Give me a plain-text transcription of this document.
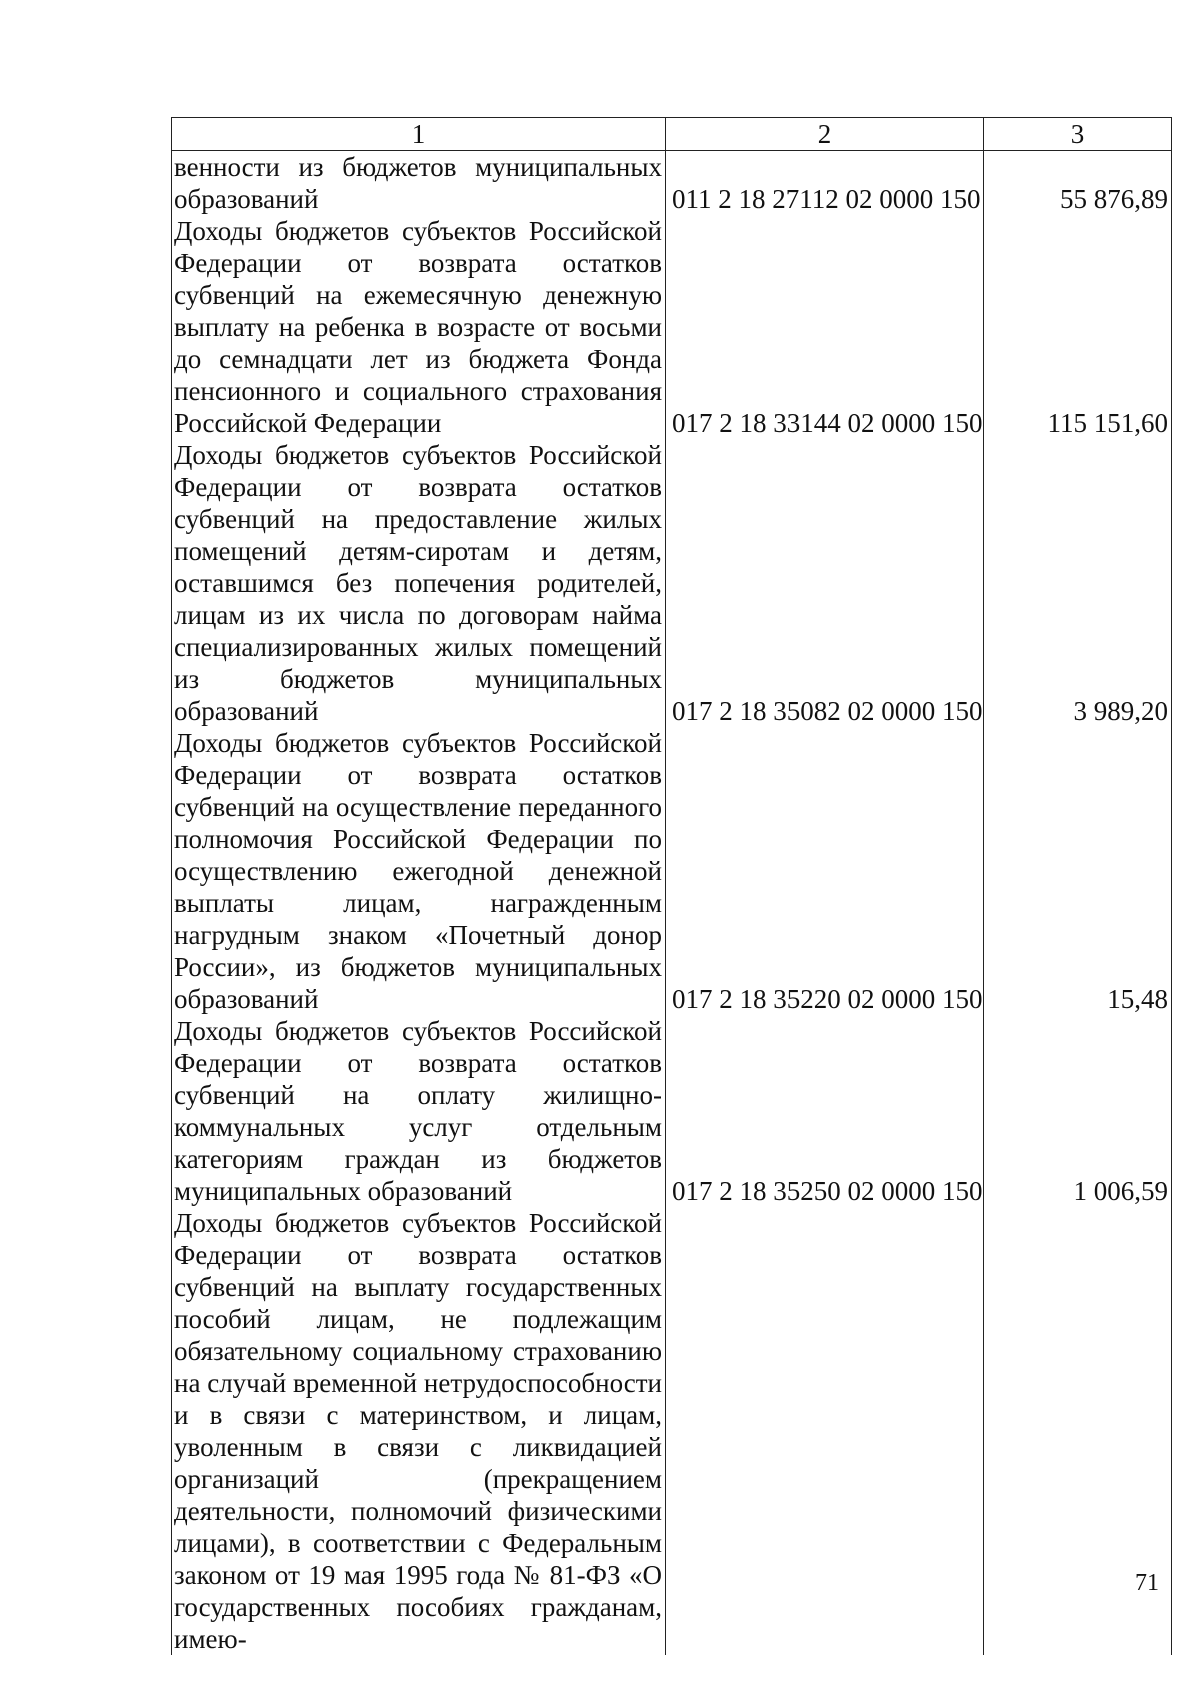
1	2	3
венности из бюджетов муниципальных образований	011 2 18 27112 02 0000 150	55 876,89
Доходы бюджетов субъектов Российской Федерации от возврата остатков субвенций на ежемесячную денежную выплату на ребенка в возрасте от восьми до семнадцати лет из бюджета Фонда пенсионного и социального страхования Российской Федерации	017 2 18 33144 02 0000 150	115 151,60
Доходы бюджетов субъектов Российской Федерации от возврата остатков субвенций на предоставление жилых помещений детям-сиротам и детям, оставшимся без попечения родителей, лицам из их числа по договорам найма специализированных жилых помещений из бюджетов муниципальных образований	017 2 18 35082 02 0000 150	3 989,20
Доходы бюджетов субъектов Российской Федерации от возврата остатков субвенций на осуществление переданного полномочия Российской Федерации по осуществлению ежегодной денежной выплаты лицам, награжденным нагрудным знаком «Почетный донор России», из бюджетов муниципальных образований	017 2 18 35220 02 0000 150	15,48
Доходы бюджетов субъектов Российской Федерации от возврата остатков субвенций на оплату жилищно-коммунальных услуг отдельным категориям граждан из бюджетов муниципальных образований	017 2 18 35250 02 0000 150	1 006,59
Доходы бюджетов субъектов Российской Федерации от возврата остатков субвенций на выплату государственных пособий лицам, не подлежащим обязательному социальному страхованию на случай временной нетрудоспособности и в связи с материнством, и лицам, уволенным в связи с ликвидацией организаций (прекращением деятельности, полномочий физическими лицами), в соответствии с Федеральным законом от 19 мая 1995 года № 81-ФЗ «О государственных пособиях гражданам, имею-		
71
